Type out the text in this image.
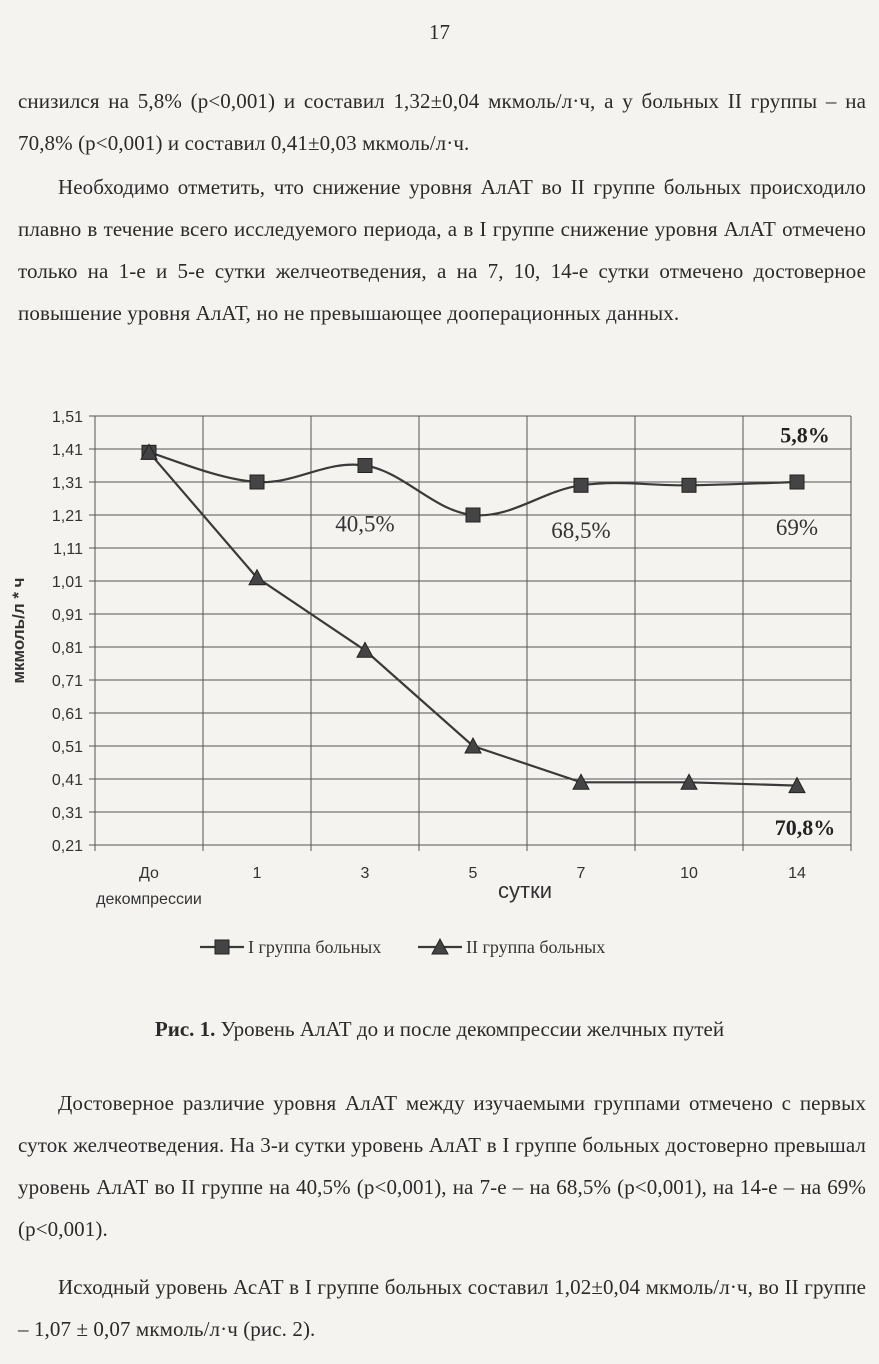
17

снизился на 5,8% (р<0,001) и составил 1,32±0,04 мкмоль/л·ч, а у больных II группы – на 70,8% (р<0,001) и составил 0,41±0,03 мкмоль/л·ч.

Необходимо отметить, что снижение уровня АлАТ во II группе больных происходило плавно в течение всего исследуемого периода, а в I группе снижение уровня АлАТ отмечено только на 1-е и 5-е сутки желчеотведения, а на 7, 10, 14-е сутки отмечено достоверное повышение уровня АлАТ, но не превышающее дооперационных данных.

1,51
1,41
1,31
1,21
1,11
1,01
0,91
0,81
0,71
0,61
0,51
0,41
0,31
0,21
мкмоль/л * ч
До
декомпрессии
1	3	5	7	10	14
сутки
40,5%	68,5%	69%
5,8%
70,8%
I группа больных	II группа больных
Рис. 1. Уровень АлАТ до и после декомпрессии желчных путей

Достоверное различие уровня АлАТ между изучаемыми группами отмечено с первых суток желчеотведения. На 3-и сутки уровень АлАТ в I группе больных достоверно превышал уровень АлАТ во II группе на 40,5% (р<0,001), на 7-е – на 68,5% (р<0,001), на 14-е – на 69% (р<0,001).

Исходный уровень АсАТ в I группе больных составил 1,02±0,04 мкмоль/л·ч, во II группе – 1,07 ± 0,07 мкмоль/л·ч (рис. 2).
